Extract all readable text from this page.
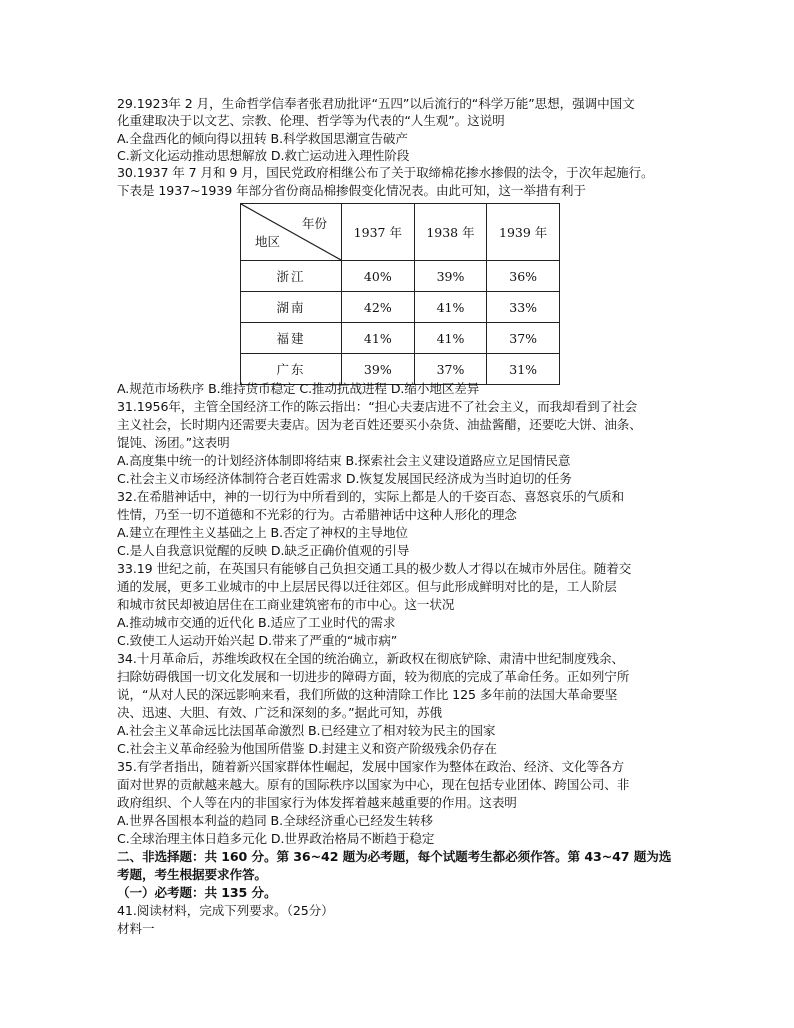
29.1923年 2 月，生命哲学信奉者张君劢批评“五四”以后流行的“科学万能”思想，强调中国文
化重建取决于以文艺、宗教、伦理、哲学等为代表的“人生观”。这说明
A.全盘西化的倾向得以扭转 B.科学救国思潮宣告破产
C.新文化运动推动思想解放 D.救亡运动进入理性阶段
30.1937 年 7 月和 9 月，国民党政府相继公布了关于取缔棉花掺水掺假的法令，于次年起施行。
下表是 1937~1939 年部分省份商品棉掺假变化情况表。由此可知，这一举措有利于
年份
地区	1937 年	1938 年	1939 年
浙江	40%	39%	36%
湖南	42%	41%	33%
福建	41%	41%	37%
广东	39%	37%	31%
A.规范市场秩序 B.维持货币稳定 C.推动抗战进程 D.缩小地区差异
31.1956年，主管全国经济工作的陈云指出：“担心夫妻店进不了社会主义，而我却看到了社会
主义社会，长时期内还需要夫妻店。因为老百姓还要买小杂货、油盐酱醋，还要吃大饼、油条、
馄饨、汤团。”这表明
A.高度集中统一的计划经济体制即将结束 B.探索社会主义建设道路应立足国情民意
C.社会主义市场经济体制符合老百姓需求 D.恢复发展国民经济成为当时迫切的任务
32.在希腊神话中，神的一切行为中所看到的，实际上都是人的千姿百态、喜怒哀乐的气质和
性情，乃至一切不道德和不光彩的行为。古希腊神话中这种人形化的理念
A.建立在理性主义基础之上 B.否定了神权的主导地位
C.是人自我意识觉醒的反映 D.缺乏正确价值观的引导
33.19 世纪之前，在英国只有能够自己负担交通工具的极少数人才得以在城市外居住。随着交
通的发展，更多工业城市的中上层居民得以迁往郊区。但与此形成鲜明对比的是，工人阶层
和城市贫民却被迫居住在工商业建筑密布的市中心。这一状况
A.推动城市交通的近代化 B.适应了工业时代的需求
C.致使工人运动开始兴起 D.带来了严重的“城市病”
34.十月革命后，苏维埃政权在全国的统治确立，新政权在彻底铲除、肃清中世纪制度残余、
扫除妨碍俄国一切文化发展和一切进步的障碍方面，较为彻底的完成了革命任务。正如列宁所
说，“从对人民的深远影响来看，我们所做的这种清除工作比 125 多年前的法国大革命要坚
决、迅速、大胆、有效、广泛和深刻的多。”据此可知，苏俄
A.社会主义革命远比法国革命激烈 B.已经建立了相对较为民主的国家
C.社会主义革命经验为他国所借鉴 D.封建主义和资产阶级残余仍存在
35.有学者指出，随着新兴国家群体性崛起，发展中国家作为整体在政治、经济、文化等各方
面对世界的贡献越来越大。原有的国际秩序以国家为中心，现在包括专业团体、跨国公司、非
政府组织、个人等在内的非国家行为体发挥着越来越重要的作用。这表明
A.世界各国根本利益的趋同 B.全球经济重心已经发生转移
C.全球治理主体日趋多元化 D.世界政治格局不断趋于稳定
二、非选择题：共 160 分。第 36~42 题为必考题，每个试题考生都必须作答。第 43~47 题为选
考题，考生根据要求作答。
（一）必考题：共 135 分。
41.阅读材料，完成下列要求。（25分）
材料一
